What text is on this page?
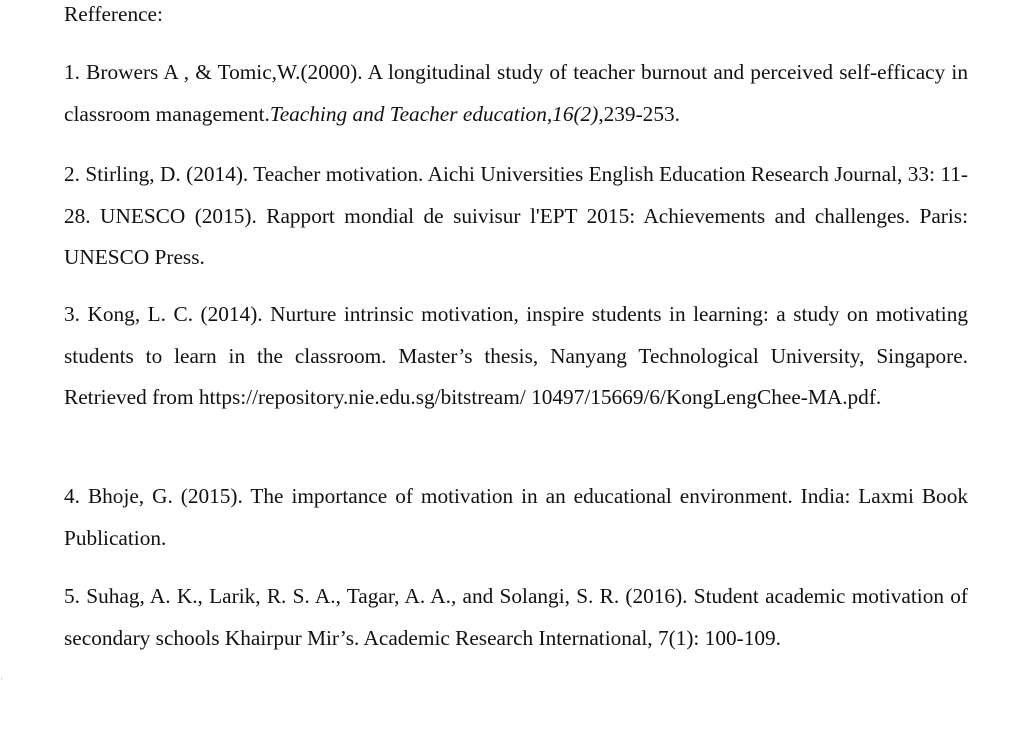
Refference:

1. Browers A , & Tomic,W.(2000). A longitudinal study of teacher burnout and perceived self-efficacy in classroom management.Teaching and Teacher education,16(2),239-253.

2. Stirling, D. (2014). Teacher motivation. Aichi Universities English Education Research Journal, 33: 11-28. UNESCO (2015). Rapport mondial de suivisur l'EPT 2015: Achievements and challenges. Paris: UNESCO Press.

3. Kong, L. C. (2014). Nurture intrinsic motivation, inspire students in learning: a study on motivating students to learn in the classroom. Master’s thesis, Nanyang Technological University, Singapore. Retrieved from https://repository.nie.edu.sg/bitstream/ 10497/15669/6/KongLengChee-MA.pdf.

4. Bhoje, G. (2015). The importance of motivation in an educational environment. India: Laxmi Book Publication.

5. Suhag, A. K., Larik, R. S. A., Tagar, A. A., and Solangi, S. R. (2016). Student academic motivation of secondary schools Khairpur Mir’s. Academic Research International, 7(1): 100-109.

·
